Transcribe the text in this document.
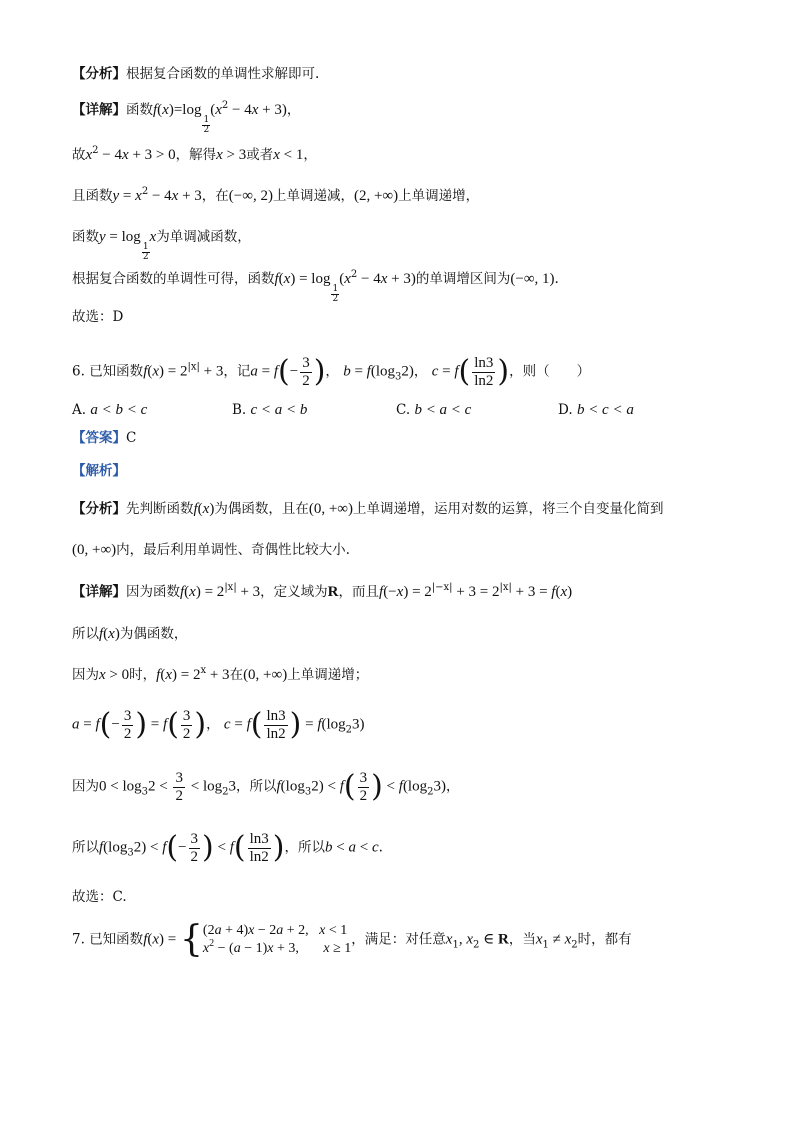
【分析】根据复合函数的单调性求解即可.
【详解】函数f(x)=log
$\frac{1}{2}$
$(x^2 - 4x + 3)$，
故$x^2 - 4x + 3 > 0$，解得x > 3或者x < 1，
且函数$y = x^2 - 4x + 3$，在(−∞, 2)上单调递减，(2, +∞)上单调递增，
函数y = log
$\frac{1}{2}$
x为单调减函数，
根据复合函数的单调性可得，函数f(x) = log
$\frac{1}{2}$
$(x^2 - 4x + 3)$的单调增区间为(−∞, 1).
故选：D
6. 已知函数$f(x) = 2^{|x|} + 3$，记$a = f(- \frac{3}{2}$ )， $b = f(\log_32)$， $c = f( \frac{\ln 3}{\ln 2}$ )，则（　　）
A. a < b < c	B. c < a < b	C. b < a < c	D. b < c < a
【答案】C
【解析】
【分析】先判断函数f(x)为偶函数，且在(0, +∞)上单调递增，运用对数的运算，将三个自变量化简到
(0, +∞)内，最后利用单调性、奇偶性比较大小.
【详解】因为函数$f(x) = 2^{|x|} + 3$，定义域为R，而且$f(-x) = 2^{|-x|} + 3 = 2^{|x|} + 3 = f(x)$
所以f(x)为偶函数，
因为x > 0时，$f(x) = 2^x + 3$在(0, +∞)上单调递增；
$a = f(- \frac{3}{2}$ ) = $f( \frac{3}{2}$ )， $c = f( \frac{\ln 3}{\ln 2}$ ) = $f(\log_23)$
因为$0 < \log_32 < \frac{3}{2} < \log_23$，所以$f(\log_32) < f( \frac{3}{2}$ ) < $f(\log_23)$，
所以$f(\log_32) < f(- \frac{3}{2}$ ) < $f( \frac{\ln 3}{\ln 2}$ )，所以b < a < c.
故选：C.
7. 已知函数f(x) = { (2a + 4)x − 2a + 2,   x < 1
$x^2 - (a - 1)x + 3$,       x ≥ 1
，满足：对任意$x_1$, $x_2$ ∈ R，当$x_1 \ne x_2$时，都有
